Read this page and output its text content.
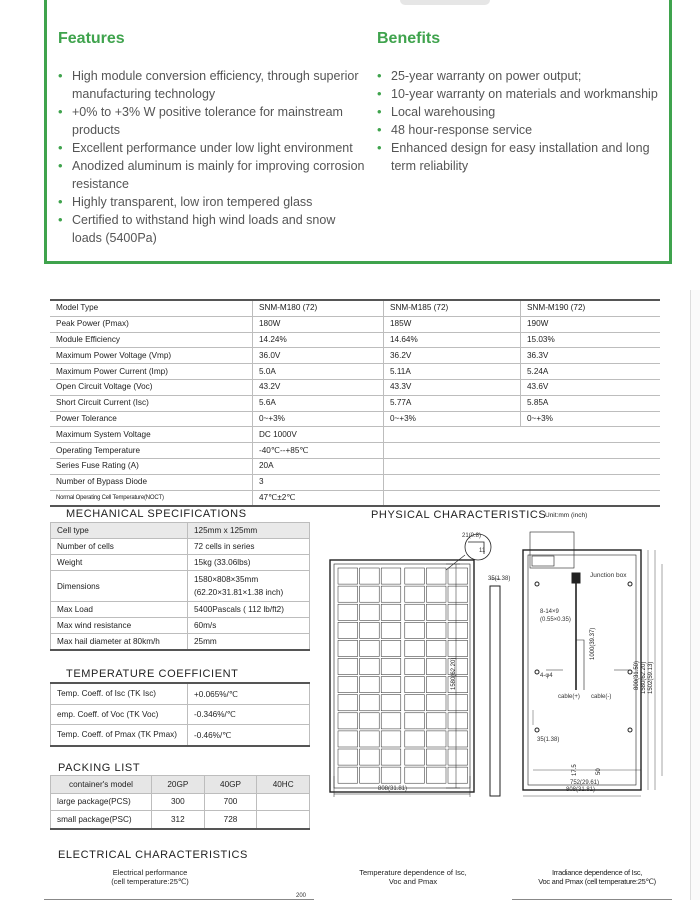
Features
• High module conversion efficiency, through superior manufacturing technology
• +0% to +3% W positive tolerance for mainstream products
• Excellent performance under low light environment
• Anodized aluminum is mainly for improving corrosion resistance
• Highly transparent, low iron tempered glass
• Certified to withstand high wind loads and snow loads (5400Pa)
Benefits
• 25-year warranty on power output;
• 10-year warranty on materials and workmanship
• Local warehousing
• 48 hour-response service
• Enhanced design for easy installation and long term reliability
Model Type	SNM-M180 (72)	SNM-M185 (72)	SNM-M190 (72)
Peak Power (Pmax)	180W	185W	190W
Module Efficiency	14.24%	14.64%	15.03%
Maximum Power Voltage (Vmp)	36.0V	36.2V	36.3V
Maximum Power Current (Imp)	5.0A	5.11A	5.24A
Open Circuit Voltage (Voc)	43.2V	43.3V	43.6V
Short Circuit Current (Isc)	5.6A	5.77A	5.85A
Power Tolerance	0~+3%	0~+3%	0~+3%
Maximum System Voltage	DC 1000V		
Operating Temperature	-40℃--+85℃		
Series Fuse Rating (A)	20A		
Number of Bypass Diode	3		
Normal Operating Cell Temperature(NOCT)	47℃±2℃		
MECHANICAL SPECIFICATIONS
Cell type	125mm x 125mm
Number of cells	72 cells in series
Weight	15kg (33.06lbs)
Dimensions	1580×808×35mm
(62.20×31.81×1.38 inch)

Max Load	5400Pascals ( 112 lb/ft2)
Max wind resistance	60m/s
Max hail diameter at 80km/h	25mm
TEMPERATURE COEFFICIENT
Temp. Coeff. of Isc (TK Isc)	+0.065%/℃
emp. Coeff. of Voc (TK Voc)	-0.346%/℃
Temp. Coeff. of Pmax (TK Pmax)	-0.46%/℃
PACKING LIST
container's model	20GP	40GP	40HC
large package(PCS)	300	700	
small package(PSC)	312	728	
PHYSICAL CHARACTERISTICS
Unit:mm (inch)
21(0.8)
11
35(1.38)
1580(62.20)
808(31.81)
Junction box
8-14×9
(0.55×0.35)
1000(39.37)
4-φ4
cable(+) cable(-)
35(1.38)
800(31.50) 1580(62.20) 1502(59.13)
17.5	50
752(29.61)
808(31.81)
ELECTRICAL CHARACTERISTICS
Electrical performance
(cell temperature:25℃)
Temperature dependence of Isc,
Voc and Pmax
Irradiance dependence of Isc,
Voc and Pmax (cell temperature:25℃)
200
